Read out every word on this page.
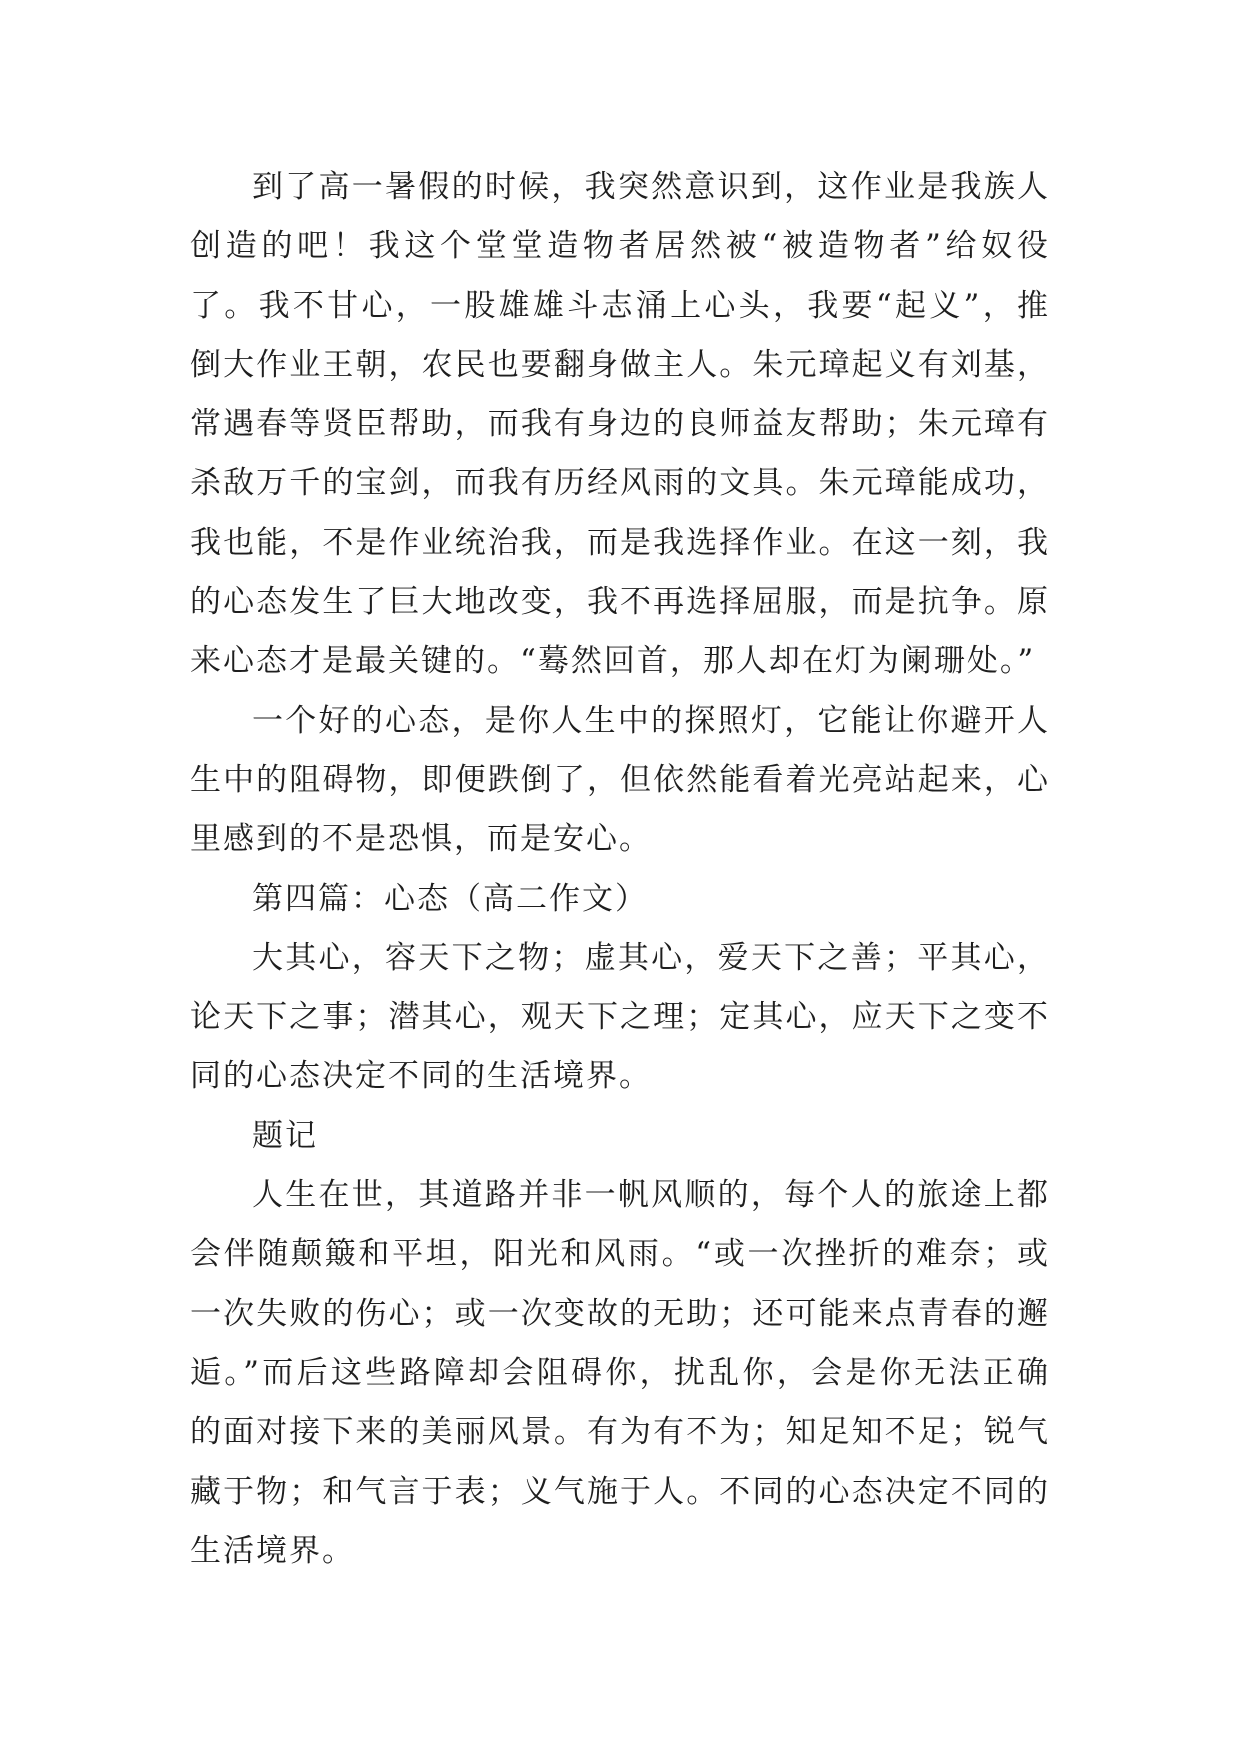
到了高一暑假的时候，我突然意识到，这作业是我族人创造的吧！我这个堂堂造物者居然被“被造物者”给奴役了。我不甘心，一股雄雄斗志涌上心头，我要“起义”，推倒大作业王朝，农民也要翻身做主人。朱元璋起义有刘基，常遇春等贤臣帮助，而我有身边的良师益友帮助；朱元璋有杀敌万千的宝剑，而我有历经风雨的文具。朱元璋能成功，我也能，不是作业统治我，而是我选择作业。在这一刻，我的心态发生了巨大地改变，我不再选择屈服，而是抗争。原来心态才是最关键的。“蓦然回首，那人却在灯为阑珊处。”

一个好的心态，是你人生中的探照灯，它能让你避开人生中的阻碍物，即便跌倒了，但依然能看着光亮站起来，心里感到的不是恐惧，而是安心。

第四篇：心态（高二作文）

大其心，容天下之物；虚其心，爱天下之善；平其心，论天下之事；潜其心，观天下之理；定其心，应天下之变不同的心态决定不同的生活境界。

题记

人生在世，其道路并非一帆风顺的，每个人的旅途上都会伴随颠簸和平坦，阳光和风雨。“或一次挫折的难奈；或一次失败的伤心；或一次变故的无助；还可能来点青春的邂逅。”而后这些路障却会阻碍你，扰乱你，会是你无法正确的面对接下来的美丽风景。有为有不为；知足知不足；锐气藏于物；和气言于表；义气施于人。不同的心态决定不同的生活境界。
